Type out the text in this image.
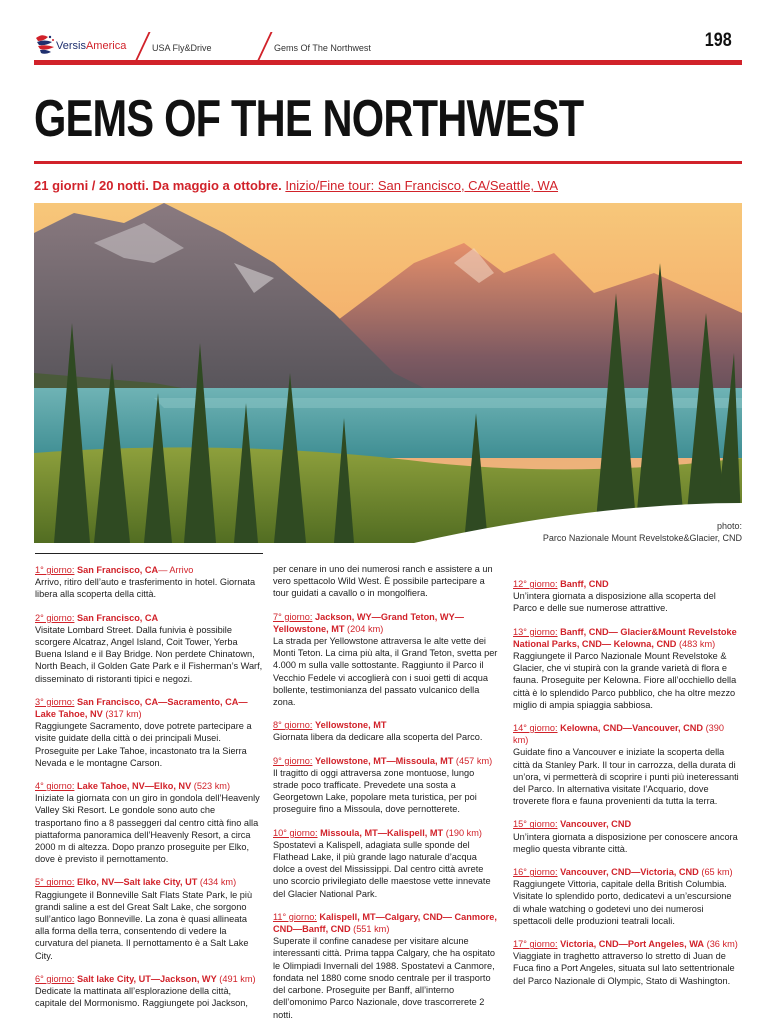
VersisAmerica	USA Fly&Drive	Gems Of The Northwest	198
GEMS OF THE NORTHWEST
21 giorni / 20 notti. Da maggio a ottobre. Inizio/Fine tour: San Francisco, CA/Seattle, WA
photo:
Parco Nazionale Mount Revelstoke&Glacier, CND
1° giorno: San Francisco, CA— Arrivo
Arrivo, ritiro dell’auto e trasferimento in hotel. Giornata libera alla scoperta della città.
2° giorno: San Francisco, CA
Visitate Lombard Street. Dalla funivia è possibile scorgere Alcatraz, Angel Island, Coit Tower, Yerba Buena Island e il Bay Bridge. Non perdete Chinatown, North Beach, il Golden Gate Park e il Fisherman’s Warf, disseminato di ristoranti tipici e negozi.
3° giorno: San Francisco, CA—Sacramento, CA— Lake Tahoe, NV (317 km)
Raggiungete Sacramento, dove potrete partecipare a visite guidate della città o dei principali Musei. Proseguite per Lake Tahoe, incastonato tra la Sierra Nevada e le montagne Carson.
4° giorno: Lake Tahoe, NV—Elko, NV (523 km)
Iniziate la giornata con un giro in gondola dell’Heavenly Valley Ski Resort. Le gondole sono auto che trasportano fino a 8 passeggeri dal centro città fino alla piattaforma panoramica dell’Heavenly Resort, a circa 2000 m di altezza. Dopo pranzo proseguite per Elko, dove è previsto il pernottamento.
5° giorno: Elko, NV—Salt lake City, UT (434 km)
Raggiungete il Bonneville Salt Flats State Park, le più grandi saline a est del Great Salt Lake, che sorgono sull’antico lago Bonneville. La zona è quasi allineata alla forma della terra, consentendo di vedere la curvatura del pianeta. Il pernottamento è a Salt Lake City.
6° giorno: Salt lake City, UT—Jackson, WY (491 km)
Dedicate la mattinata all’esplorazione della città, capitale del Mormonismo. Raggiungete poi Jackson,
per cenare in uno dei numerosi ranch e assistere a un vero spettacolo Wild West. È possibile partecipare a tour guidati a cavallo o in mongolfiera.
7° giorno: Jackson, WY—Grand Teton, WY— Yellowstone, MT (204 km)
La strada per Yellowstone attraversa le alte vette dei Monti Teton. La cima più alta, il Grand Teton, svetta per 4.000 m sulla valle sottostante. Raggiunto il Parco il Vecchio Fedele vi accoglierà con i suoi getti di acqua bollente, testimonianza del passato vulcanico della zona.
8° giorno: Yellowstone, MT
Giornata libera da dedicare alla scoperta del Parco.
9° giorno: Yellowstone, MT—Missoula, MT (457 km)
Il tragitto di oggi attraversa zone montuose, lungo strade poco trafficate. Prevedete una sosta a Georgetown Lake, popolare meta turistica, per poi proseguire fino a Missoula, dove pernotterete.
10° giorno: Missoula, MT—Kalispell, MT (190 km)
Spostatevi a Kalispell, adagiata sulle sponde del Flathead Lake, il più grande lago naturale d’acqua dolce a ovest del Mississippi. Dal centro città avrete uno scorcio privilegiato delle maestose vette innevate del Glacier National Park.
11° giorno: Kalispell, MT—Calgary, CND— Canmore, CND—Banff, CND (551 km)
Superate il confine canadese per visitare alcune interessanti città. Prima tappa Calgary, che ha ospitato le Olimpiadi Invernali del 1988. Spostatevi a Canmore, fondata nel 1880 come snodo centrale per il trasporto del carbone. Proseguite per Banff, all’interno dell’omonimo Parco Nazionale, dove trascorrerete 2 notti.
12° giorno: Banff, CND
Un’intera giornata a disposizione alla scoperta del Parco e delle sue numerose attrattive.
13° giorno: Banff, CND— Glacier&Mount Revelstoke National Parks, CND— Kelowna, CND (483 km)
Raggiungete il Parco Nazionale Mount Revelstoke & Glacier, che vi stupirà con la grande varietà di flora e fauna. Proseguite per Kelowna. Fiore all’occhiello della città è lo splendido Parco pubblico, che ha oltre mezzo miglio di ampia spiaggia sabbiosa.
14° giorno: Kelowna, CND—Vancouver, CND (390 km)
Guidate fino a Vancouver e iniziate la scoperta della città da Stanley Park. Il tour in carrozza, della durata di un’ora, vi permetterà di scoprire i punti più ineteressanti del Parco. In alternativa visitate l’Acquario, dove troverete flora e fauna provenienti da tutta la terra.
15° giorno: Vancouver, CND
Un’intera giornata a disposizione per conoscere ancora meglio questa vibrante città.
16° giorno: Vancouver, CND—Victoria, CND (65 km)
Raggiungete Vittoria, capitale della British Columbia. Visitate lo splendido porto, dedicatevi a un’escursione di whale watching o godetevi uno dei numerosi spettacoli delle produzioni teatrali locali.
17° giorno: Victoria, CND—Port Angeles, WA (36 km)
Viaggiate in traghetto attraverso lo stretto di Juan de Fuca fino a Port Angeles, situata sul lato settentrionale del Parco Nazionale di Olympic, Stato di Washington.
